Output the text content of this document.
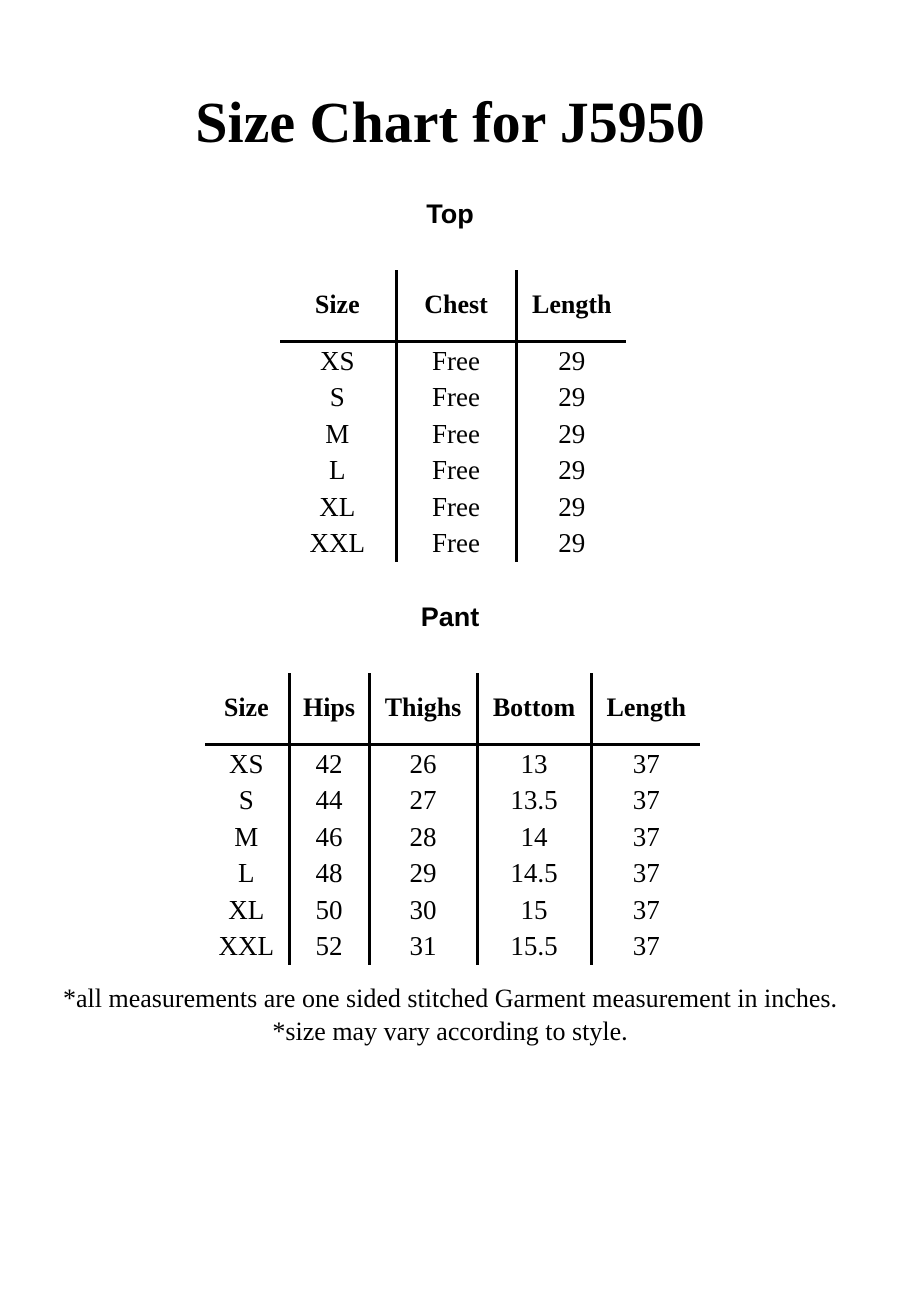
Size Chart for J5950
Top
Size	Chest	Length
XS	Free	29
S	Free	29
M	Free	29
L	Free	29
XL	Free	29
XXL	Free	29
Pant
Size	Hips	Thighs	Bottom	Length
XS	42	26	13	37
S	44	27	13.5	37
M	46	28	14	37
L	48	29	14.5	37
XL	50	30	15	37
XXL	52	31	15.5	37
*all measurements are one sided stitched Garment measurement in inches.
*size may vary according to style.
